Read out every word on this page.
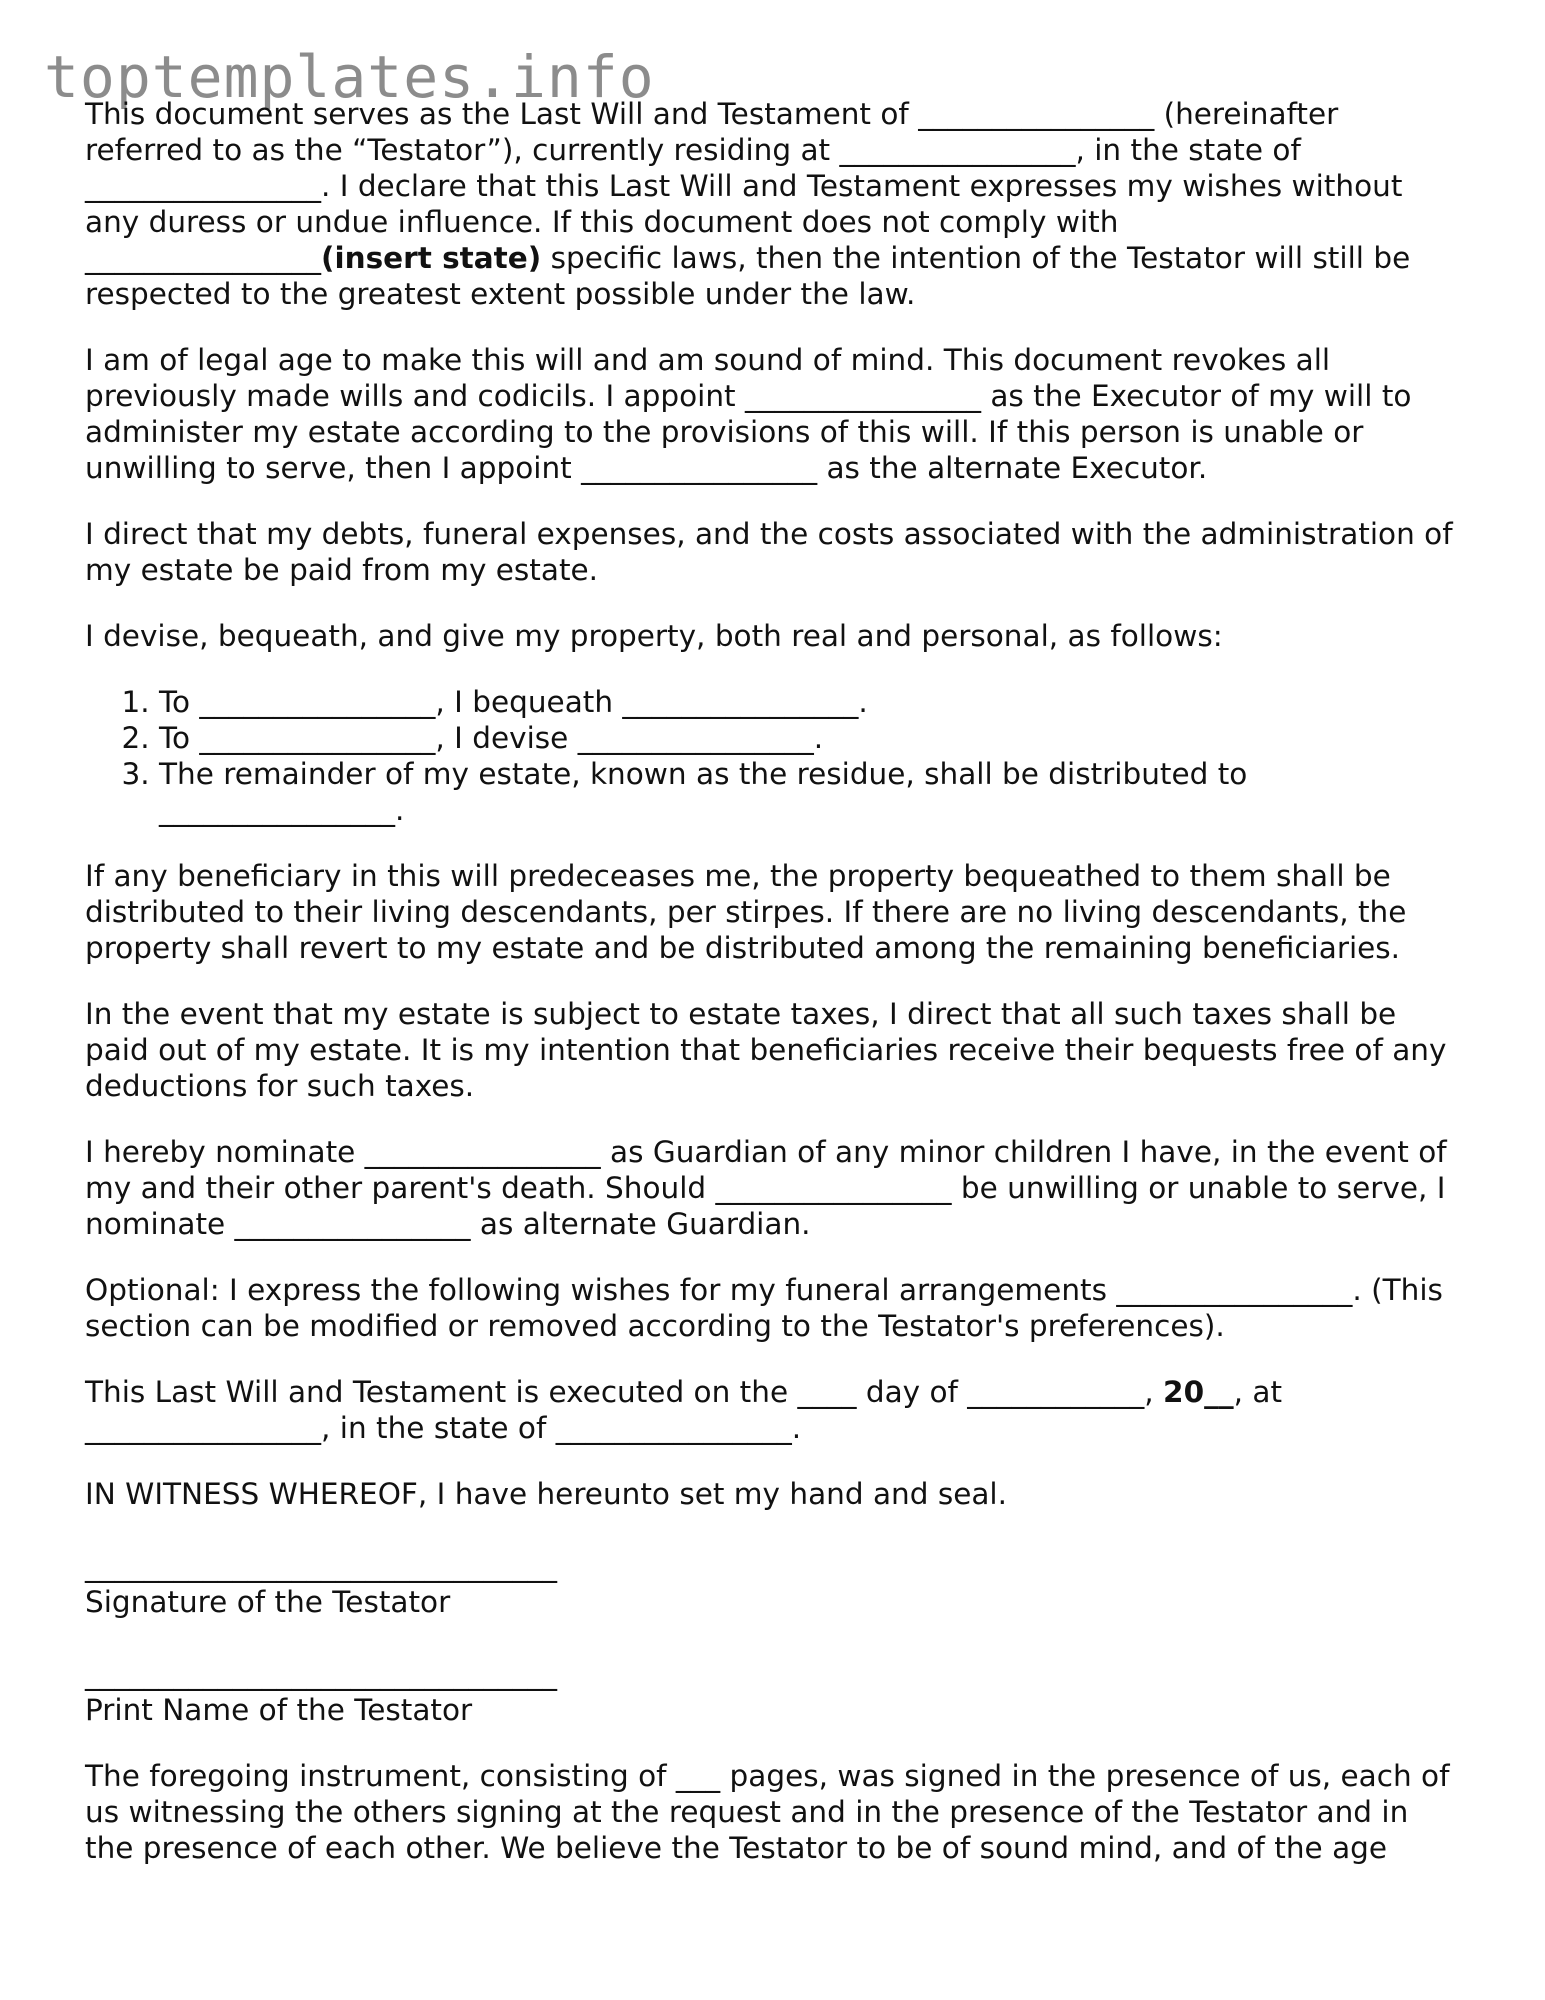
toptemplates.info

This document serves as the Last Will and Testament of ________________ (hereinafter referred to as the “Testator”), currently residing at ________________, in the state of ________________. I declare that this Last Will and Testament expresses my wishes without any duress or undue influence. If this document does not comply with ________________(insert state) specific laws, then the intention of the Testator will still be respected to the greatest extent possible under the law.

I am of legal age to make this will and am sound of mind. This document revokes all previously made wills and codicils. I appoint ________________ as the Executor of my will to administer my estate according to the provisions of this will. If this person is unable or unwilling to serve, then I appoint ________________ as the alternate Executor.

I direct that my debts, funeral expenses, and the costs associated with the administration of my estate be paid from my estate.

I devise, bequeath, and give my property, both real and personal, as follows:

1. To ________________, I bequeath ________________.
2. To ________________, I devise ________________.
3. The remainder of my estate, known as the residue, shall be distributed to ________________.

If any beneficiary in this will predeceases me, the property bequeathed to them shall be distributed to their living descendants, per stirpes. If there are no living descendants, the property shall revert to my estate and be distributed among the remaining beneficiaries.

In the event that my estate is subject to estate taxes, I direct that all such taxes shall be paid out of my estate. It is my intention that beneficiaries receive their bequests free of any deductions for such taxes.

I hereby nominate ________________ as Guardian of any minor children I have, in the event of my and their other parent's death. Should ________________ be unwilling or unable to serve, I nominate ________________ as alternate Guardian.

Optional: I express the following wishes for my funeral arrangements ________________. (This section can be modified or removed according to the Testator's preferences).

This Last Will and Testament is executed on the ____ day of ____________, 20__, at ________________, in the state of ________________.

IN WITNESS WHEREOF, I have hereunto set my hand and seal.

________________________________
Signature of the Testator
________________________________
Print Name of the Testator

The foregoing instrument, consisting of ___ pages, was signed in the presence of us, each of us witnessing the others signing at the request and in the presence of the Testator and in the presence of each other. We believe the Testator to be of sound mind, and of the age
